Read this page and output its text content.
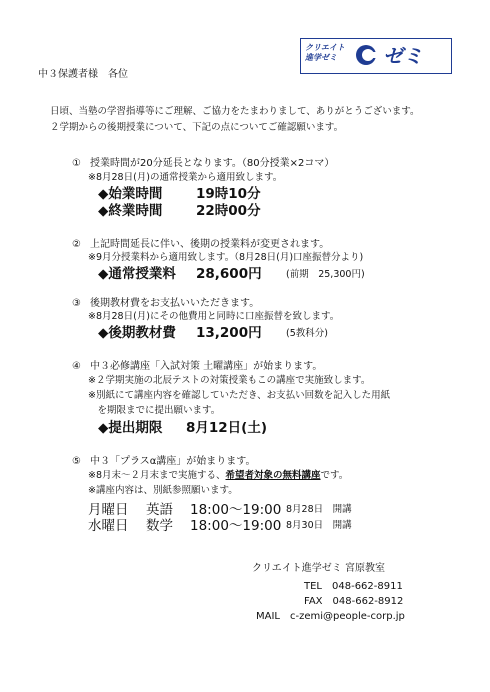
クリエイト
進学ゼミ	ゼミ
中３保護者様　各位
日頃、当塾の学習指導等にご理解、ご協力をたまわりまして、ありがとうございます。
２学期からの後期授業について、下記の点についてご確認願います。
① 授業時間が20分延長となります。（80分授業×2コマ）
※8月28日(月)の通常授業から適用致します。
◆始業時間 19時10分
◆終業時間 22時00分
② 上記時間延長に伴い、後期の授業料が変更されます。
※9月分授業料から適用致します。（8月28日(月)口座振替分より)
◆通常授業料 28,600円	(前期　25,300円)
③ 後期教材費をお支払いいただきます。
※8月28日(月)にその他費用と同時に口座振替を致します。
◆後期教材費 13,200円	(5教科分)
④ 中３必修講座「入試対策 土曜講座」が始まります。
※２学期実施の北辰テストの対策授業もこの講座で実施致します。
※別紙にて講座内容を確認していただき、お支払い回数を記入した用紙
　を期限までに提出願います。
◆提出期限 8月12日(土)
⑤ 中３「プラスα講座」が始まります。
※8月末～２月末まで実施する、希望者対象の無料講座です。
※講座内容は、別紙参照願います。
月曜日 英語 18:00～19:00 8月28日　開講
水曜日 数学 18:00～19:00 8月30日　開講
クリエイト進学ゼミ 宮原教室
TEL　048-662-8911
FAX　048-662-8912
MAIL　c-zemi@people-corp.jp
